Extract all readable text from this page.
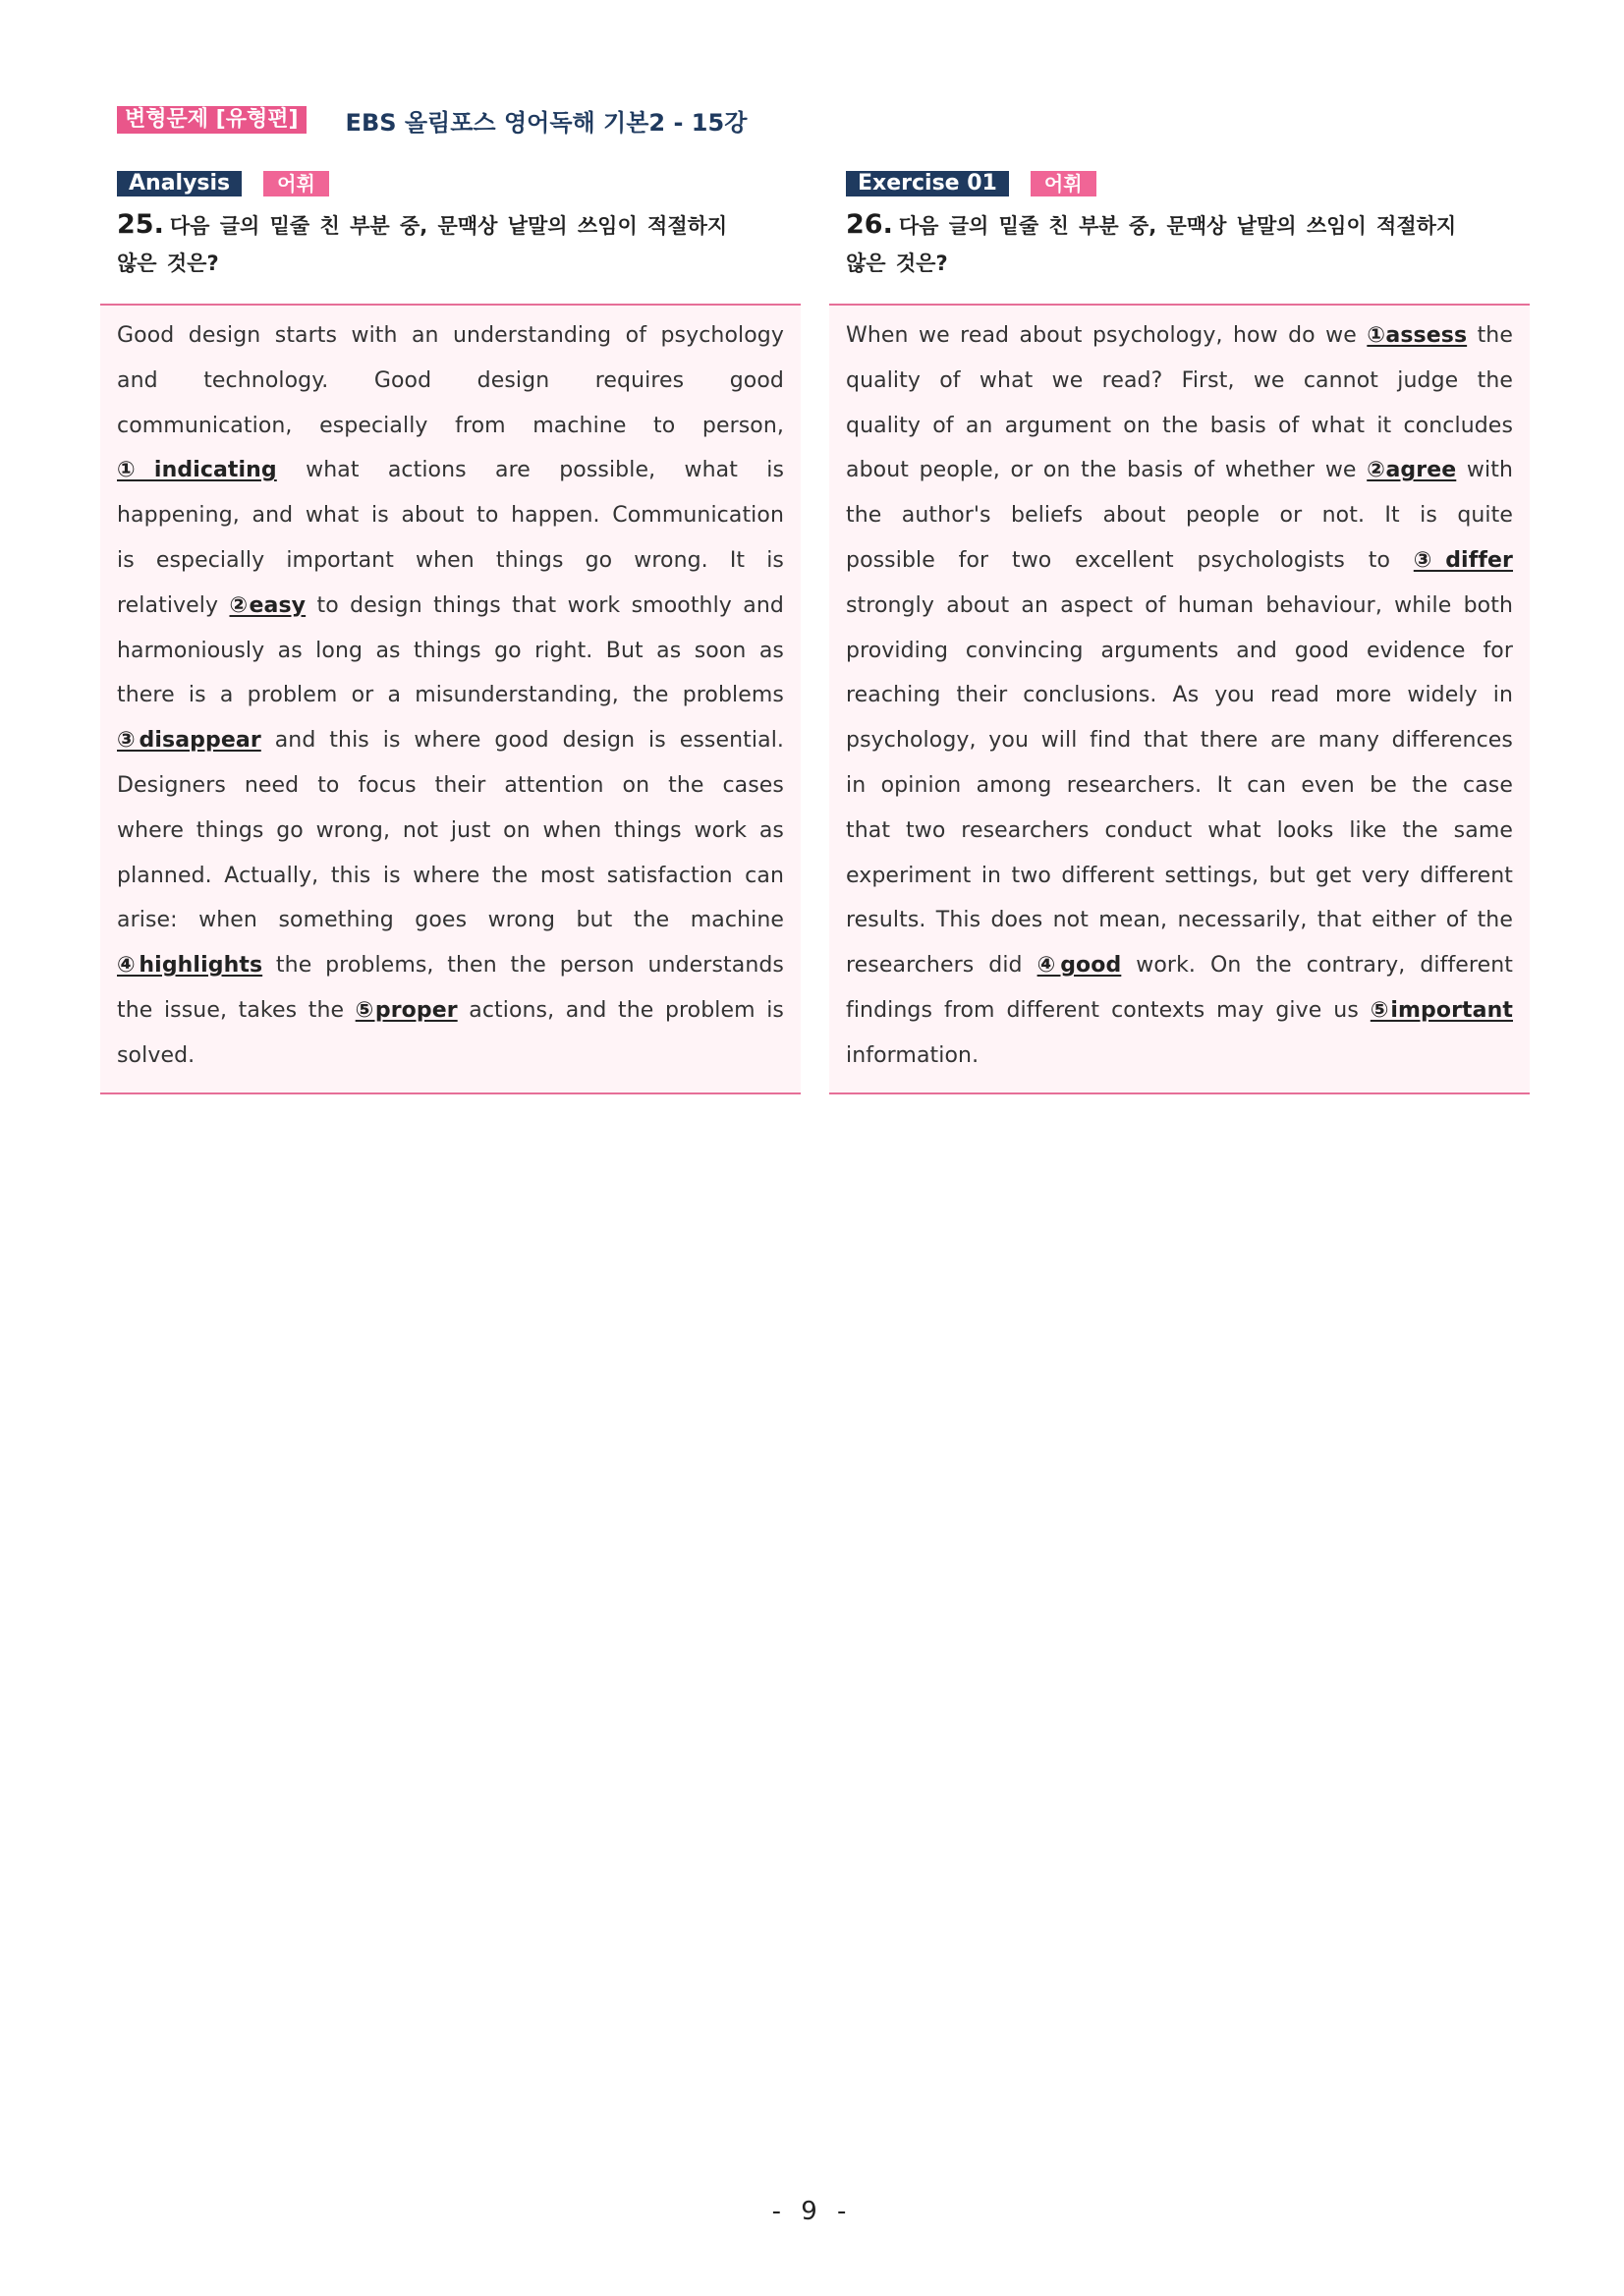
변형문제 [유형편]	EBS 올림포스 영어독해 기본2 - 15강
Analysis	어휘
25. 다음 글의 밑줄 친 부분 중, 문맥상 낱말의 쓰임이 적절하지
않은 것은?

Good design starts with an understanding of psychology and technology. Good design requires good communication, especially from machine to person, ①indicating what actions are possible, what is happening, and what is about to happen. Communication is especially important when things go wrong. It is relatively ②easy to design things that work smoothly and harmoniously as long as things go right. But as soon as there is a problem or a misunderstanding, the problems ③disappear and this is where good design is essential. Designers need to focus their attention on the cases where things go wrong, not just on when things work as planned. Actually, this is where the most satisfaction can arise: when something goes wrong but the machine ④highlights the problems, then the person understands the issue, takes the ⑤proper actions, and the problem is solved.

Exercise 01	어휘
26. 다음 글의 밑줄 친 부분 중, 문맥상 낱말의 쓰임이 적절하지
않은 것은?

When we read about psychology, how do we ①assess the quality of what we read? First, we cannot judge the quality of an argument on the basis of what it concludes about people, or on the basis of whether we ②agree with the author's beliefs about people or not. It is quite possible for two excellent psychologists to ③differ strongly about an aspect of human behaviour, while both providing convincing arguments and good evidence for reaching their conclusions. As you read more widely in psychology, you will find that there are many differences in opinion among researchers. It can even be the case that two researchers conduct what looks like the same experiment in two different settings, but get very different results. This does not mean, necessarily, that either of the researchers did ④good work. On the contrary, different findings from different contexts may give us ⑤important information.

- 9 -
